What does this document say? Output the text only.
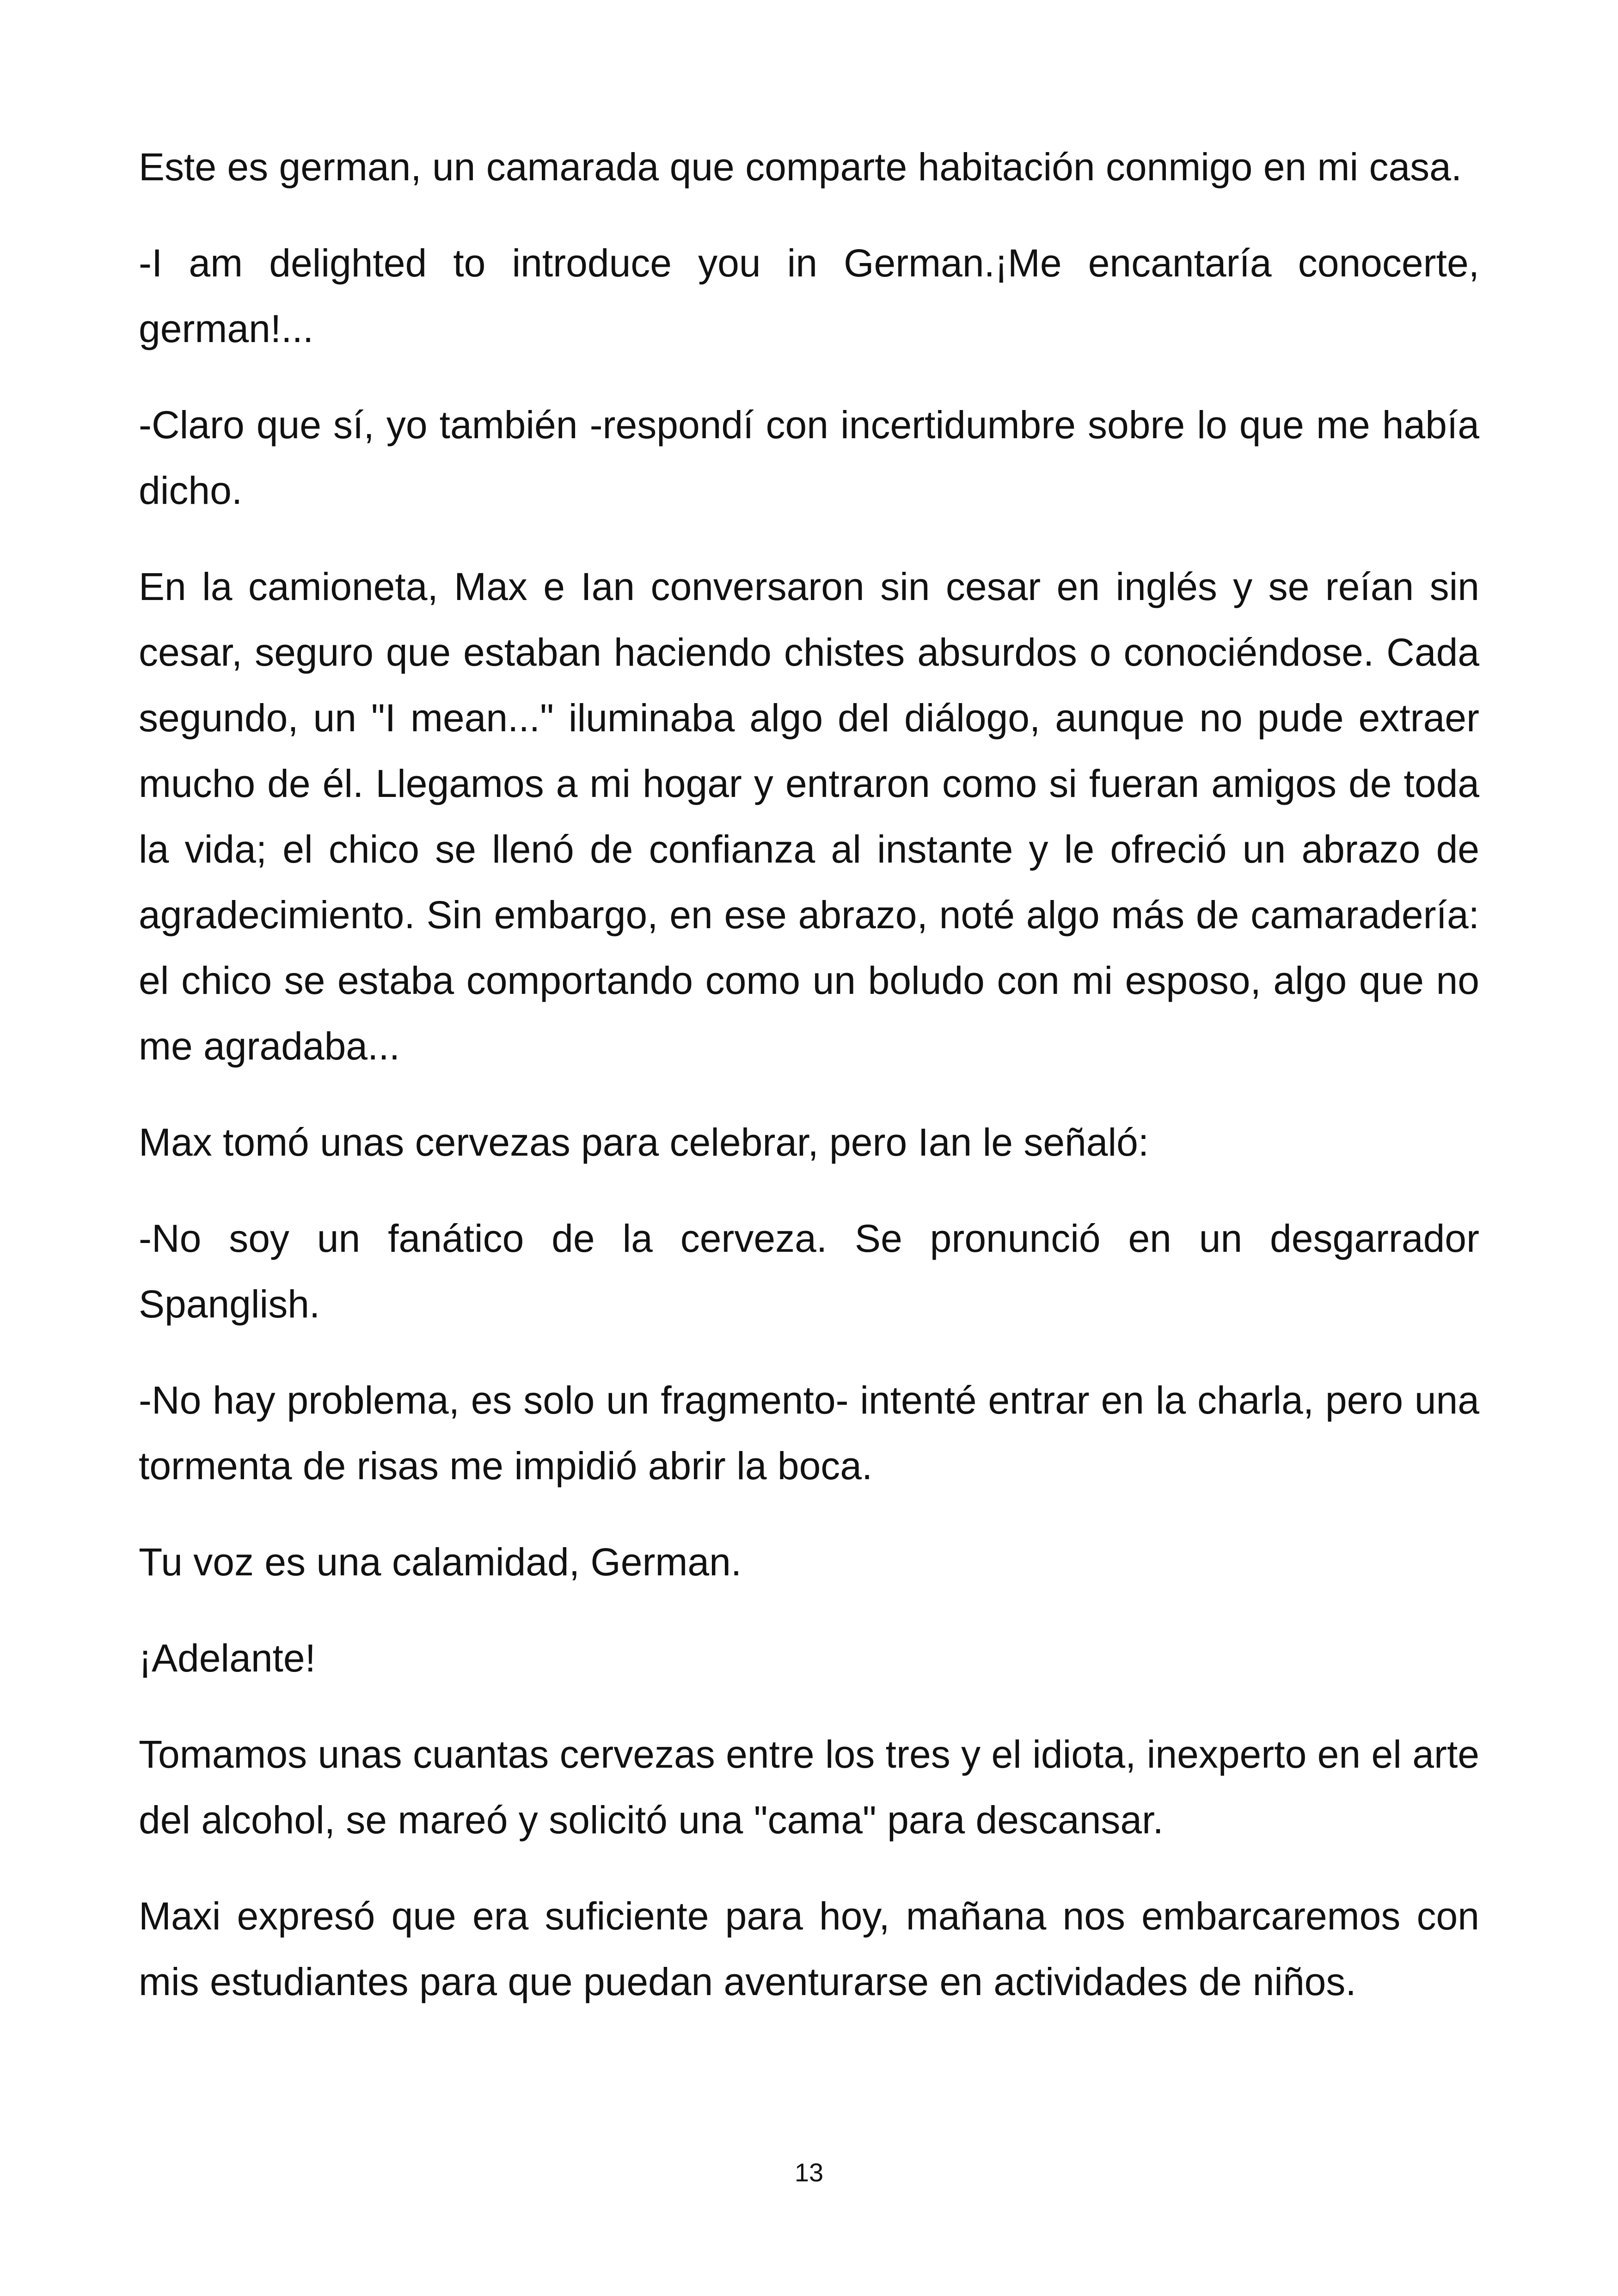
Este es german, un camarada que comparte habitación conmigo en mi casa.

-I am delighted to introduce you in German.¡Me encantaría conocerte, german!...

-Claro que sí, yo también -respondí con incertidumbre sobre lo que me había dicho.

En la camioneta, Max e Ian conversaron sin cesar en inglés y se reían sin cesar, seguro que estaban haciendo chistes absurdos o conociéndose. Cada segundo, un "I mean..." iluminaba algo del diálogo, aunque no pude extraer mucho de él. Llegamos a mi hogar y entraron como si fueran amigos de toda la vida; el chico se llenó de confianza al instante y le ofreció un abrazo de agradecimiento. Sin embargo, en ese abrazo, noté algo más de camaradería: el chico se estaba comportando como un boludo con mi esposo, algo que no me agradaba...

Max tomó unas cervezas para celebrar, pero Ian le señaló:

-No soy un fanático de la cerveza. Se pronunció en un desgarrador Spanglish.

-No hay problema, es solo un fragmento- intenté entrar en la charla, pero una tormenta de risas me impidió abrir la boca.

Tu voz es una calamidad, German.

¡Adelante!

Tomamos unas cuantas cervezas entre los tres y el idiota, inexperto en el arte del alcohol, se mareó y solicitó una "cama" para descansar.

Maxi expresó que era suficiente para hoy, mañana nos embarcaremos con mis estudiantes para que puedan aventurarse en actividades de niños.

13
